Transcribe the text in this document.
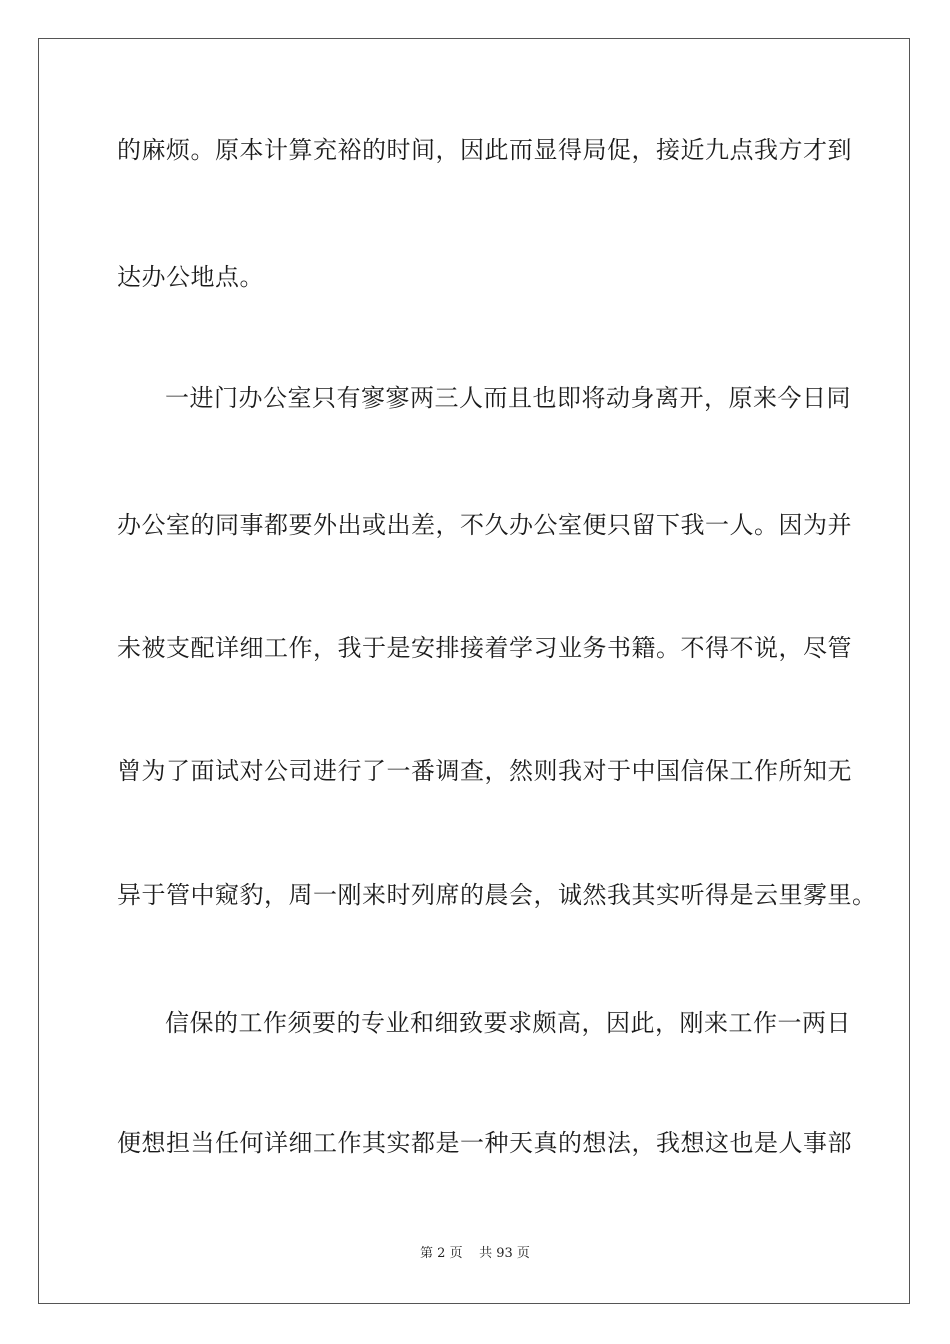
的麻烦。原本计算充裕的时间，因此而显得局促，接近九点我方才到
达办公地点。
一进门办公室只有寥寥两三人而且也即将动身离开，原来今日同
办公室的同事都要外出或出差，不久办公室便只留下我一人。因为并
未被支配详细工作，我于是安排接着学习业务书籍。不得不说，尽管
曾为了面试对公司进行了一番调查，然则我对于中国信保工作所知无
异于管中窥豹，周一刚来时列席的晨会，诚然我其实听得是云里雾里。
信保的工作须要的专业和细致要求颇高，因此，刚来工作一两日
便想担当任何详细工作其实都是一种天真的想法，我想这也是人事部
第 2 页 共 93 页
